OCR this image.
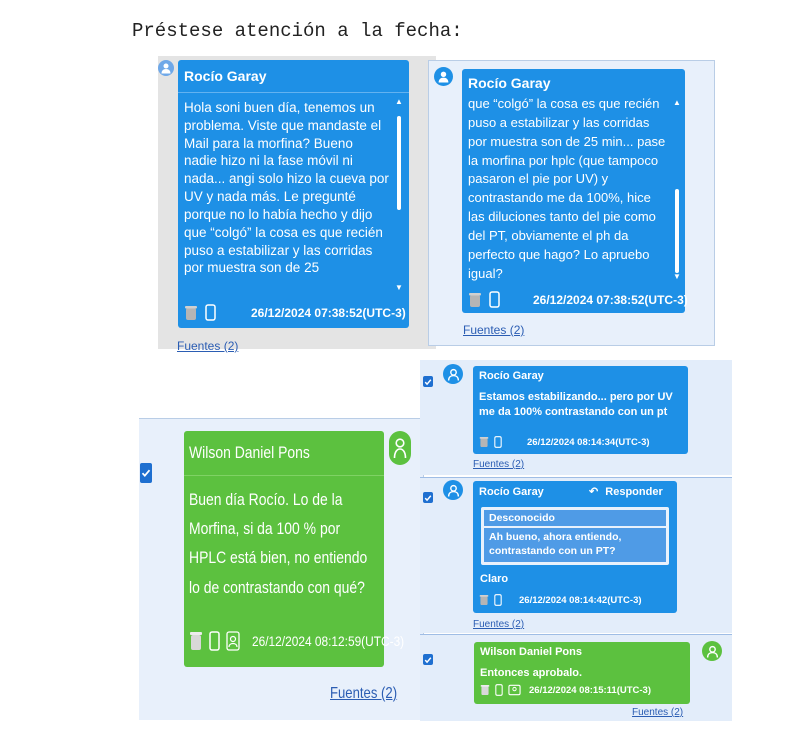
Préstese atención a la fecha:
Rocío Garay
Hola soni buen día, tenemos un problema. Viste que mandaste el Mail para la morfina? Bueno nadie hizo ni la fase móvil ni nada... angi solo hizo la cueva por UV y nada más. Le pregunté porque no lo había hecho y dijo que “colgó” la cosa es que recién puso a estabilizar y las corridas por muestra son de 25
▲
▼
26/12/2024 07:38:52(UTC-3)
Fuentes (2)
Rocío Garay
que “colgó” la cosa es que recién puso a estabilizar y las corridas por muestra son de 25 min... pase la morfina por hplc (que tampoco pasaron el pie por UV) y contrastando me da 100%, hice las diluciones tanto del pie como del PT, obviamente el ph da perfecto que hago? Lo apruebo igual?
▲
▼
26/12/2024 07:38:52(UTC-3)
Fuentes (2)
Wilson Daniel Pons
Buen día Rocío. Lo de la Morfina, si da 100 % por HPLC está bien, no entiendo lo de contrastando con qué?
26/12/2024 08:12:59(UTC-3)
Fuentes (2)
Rocío Garay
Estamos estabilizando... pero por UV me da 100% contrastando con un pt
26/12/2024 08:14:34(UTC-3)
Fuentes (2)
Rocío Garay	↶ Responder
Desconocido
Ah bueno, ahora entiendo, contrastando con un PT?
Claro
26/12/2024 08:14:42(UTC-3)
Fuentes (2)
Wilson Daniel Pons
Entonces aprobalo.
26/12/2024 08:15:11(UTC-3)
Fuentes (2)
